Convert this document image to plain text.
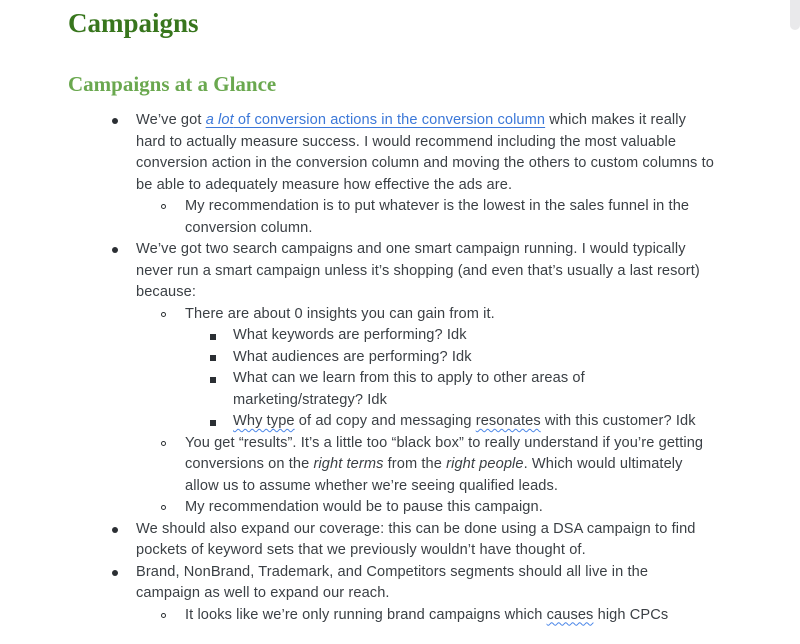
Campaigns
Campaigns at a Glance
We’ve got a lot of conversion actions in the conversion column which makes it really hard to actually measure success. I would recommend including the most valuable conversion action in the conversion column and moving the others to custom columns to be able to adequately measure how effective the ads are.
My recommendation is to put whatever is the lowest in the sales funnel in the conversion column.
We’ve got two search campaigns and one smart campaign running. I would typically never run a smart campaign unless it’s shopping (and even that’s usually a last resort) because:
There are about 0 insights you can gain from it.
What keywords are performing? Idk
What audiences are performing? Idk
What can we learn from this to apply to other areas of marketing/strategy? Idk
Why type of ad copy and messaging resonates with this customer? Idk
You get “results”. It’s a little too “black box” to really understand if you’re getting conversions on the right terms from the right people. Which would ultimately allow us to assume whether we’re seeing qualified leads.
My recommendation would be to pause this campaign.
We should also expand our coverage: this can be done using a DSA campaign to find pockets of keyword sets that we previously wouldn’t have thought of.
Brand, NonBrand, Trademark, and Competitors segments should all live in the campaign as well to expand our reach.
It looks like we’re only running brand campaigns which causes high CPCs
